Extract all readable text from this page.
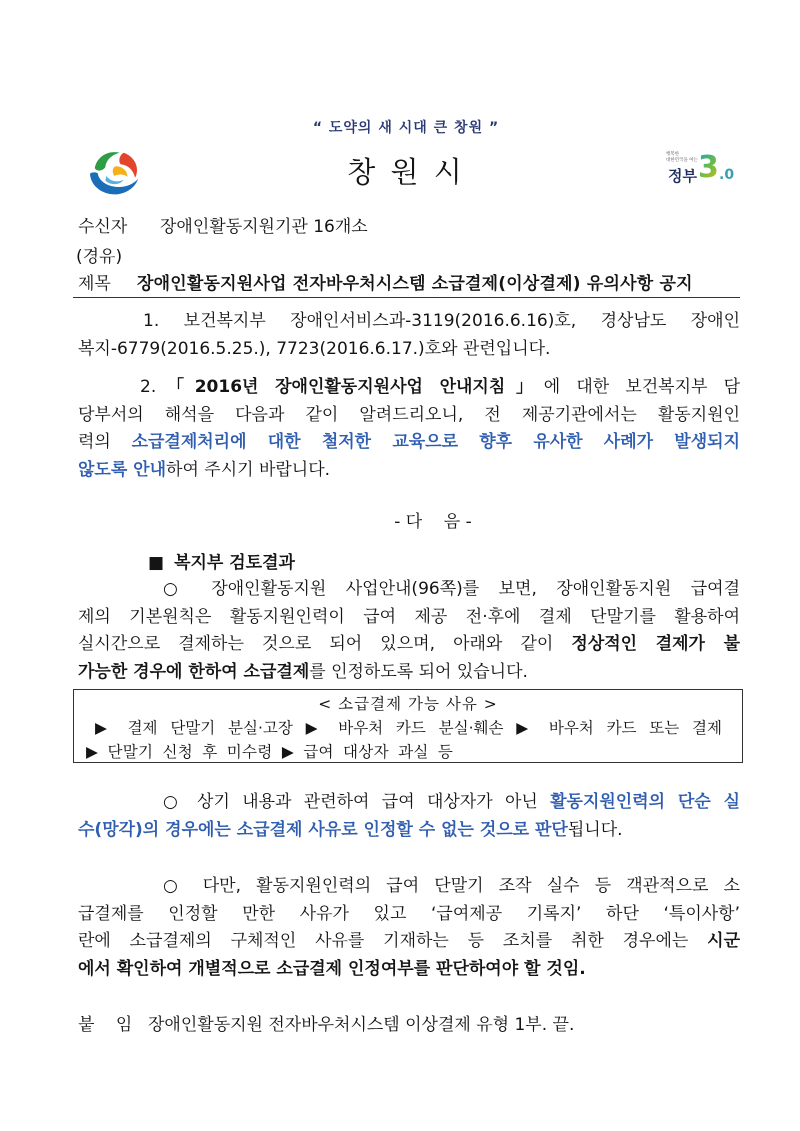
“ 도약의 새 시대 큰 창원 ”
창 원 시
행복한
대한민국을 여는
정부 3 .0
수신자 장애인활동지원기관 16개소
(경유)
제목 장애인활동지원사업 전자바우처시스템 소급결제(이상결제) 유의사항 공지
1. 보건복지부 장애인서비스과-3119(2016.6.16)호, 경상남도 장애인
복지-6779(2016.5.25.), 7723(2016.6.17.)호와 관련입니다.
2.「2016년 장애인활동지원사업 안내지침」에 대한 보건복지부 담
당부서의 해석을 다음과 같이 알려드리오니, 전 제공기관에서는 활동지원인
력의 소급결제처리에 대한 철저한 교육으로 향후 유사한 사례가 발생되지
않도록 안내하여 주시기 바랍니다.
- 다    음 -
■ 복지부 검토결과
○ 장애인활동지원 사업안내(96쪽)를 보면, 장애인활동지원 급여결
제의 기본원칙은 활동지원인력이 급여 제공 전·후에 결제 단말기를 활용하여
실시간으로 결제하는 것으로 되어 있으며, 아래와 같이 정상적인 결제가 불
가능한 경우에 한하여 소급결제를 인정하도록 되어 있습니다.
< 소급결제 가능 사유 >
▶ 결제 단말기 분실·고장 ▶ 바우처 카드 분실·훼손 ▶ 바우처 카드 또는 결제
▶ 단말기 신청 후 미수령 ▶ 급여 대상자 과실 등
○ 상기 내용과 관련하여 급여 대상자가 아닌 활동지원인력의 단순 실
수(망각)의 경우에는 소급결제 사유로 인정할 수 없는 것으로 판단됩니다.
○ 다만, 활동지원인력의 급여 단말기 조작 실수 등 객관적으로 소
급결제를 인정할 만한 사유가 있고 ‘급여제공 기록지’ 하단 ‘특이사항’
란에 소급결제의 구체적인 사유를 기재하는 등 조치를 취한 경우에는 시군
에서 확인하여 개별적으로 소급결제 인정여부를 판단하여야 할 것임.
붙 임 장애인활동지원 전자바우처시스템 이상결제 유형 1부. 끝.
